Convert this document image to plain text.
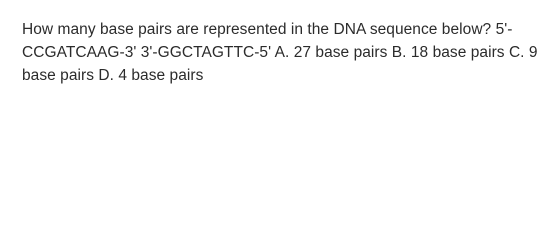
How many base pairs are represented in the DNA sequence below? 5'-CCGATCAAG-3' 3'-GGCTAGTTC-5' A. 27 base pairs B. 18 base pairs C. 9 base pairs D. 4 base pairs
